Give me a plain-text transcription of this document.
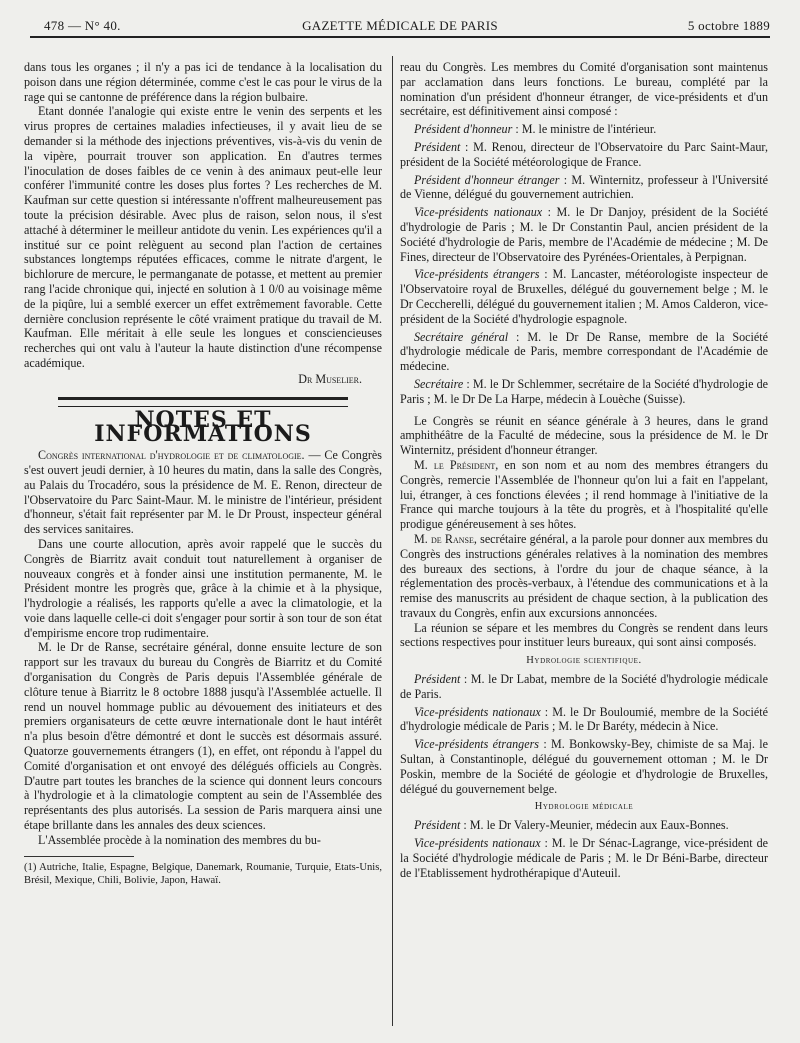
478 — N° 40.	GAZETTE MÉDICALE DE PARIS	5 octobre 1889

dans tous les organes ; il n'y a pas ici de tendance à la localisation du poison dans une région déterminée, comme c'est le cas pour le virus de la rage qui se cantonne de préférence dans la région bulbaire.

Etant donnée l'analogie qui existe entre le venin des serpents et les virus propres de certaines maladies infectieuses, il y avait lieu de se demander si la méthode des injections préventives, vis-à-vis du venin de la vipère, pourrait trouver son application. En d'autres termes l'inoculation de doses faibles de ce venin à des animaux peut-elle leur conférer l'immunité contre les doses plus fortes ? Les recherches de M. Kaufman sur cette question si intéressante n'offrent malheureusement pas toute la précision désirable. Avec plus de raison, selon nous, il s'est attaché à déterminer le meilleur antidote du venin. Les expériences qu'il a institué sur ce point relèguent au second plan l'action de certaines substances longtemps réputées efficaces, comme le nitrate d'argent, le bichlorure de mercure, le permanganate de potasse, et mettent au premier rang l'acide chronique qui, injecté en solution à 1 0/0 au voisinage même de la piqûre, lui a semblé exercer un effet extrêmement favorable. Cette dernière conclusion représente le côté vraiment pratique du travail de M. Kaufman. Elle méritait à elle seule les longues et consciencieuses recherches qui ont valu à l'auteur la haute distinction d'une récompense académique.

Dr Muselier.
NOTES ET INFORMATIONS

Congrès international d'hydrologie et de climatologie. — Ce Congrès s'est ouvert jeudi dernier, à 10 heures du matin, dans la salle des Congrès, au Palais du Trocadéro, sous la présidence de M. E. Renon, directeur de l'Observatoire du Parc Saint-Maur. M. le ministre de l'intérieur, président d'honneur, s'était fait représenter par M. le Dr Proust, inspecteur général des services sanitaires.

Dans une courte allocution, après avoir rappelé que le succès du Congrès de Biarritz avait conduit tout naturellement à organiser de nouveaux congrès et à fonder ainsi une institution permanente, M. le Président montre les progrès que, grâce à la chimie et à la physique, l'hydrologie a réalisés, les rapports qu'elle a avec la climatologie, et la voie dans laquelle celle-ci doit s'engager pour sortir à son tour de son état d'empirisme encore trop rudimentaire.

M. le Dr de Ranse, secrétaire général, donne ensuite lecture de son rapport sur les travaux du bureau du Congrès de Biarritz et du Comité d'organisation du Congrès de Paris depuis l'Assemblée générale de clôture tenue à Biarritz le 8 octobre 1888 jusqu'à l'Assemblée actuelle. Il rend un nouvel hommage public au dévouement des initiateurs et des premiers organisateurs de cette œuvre internationale dont le haut intérêt n'a plus besoin d'être démontré et dont le succès est désormais assuré. Quatorze gouvernements étrangers (1), en effet, ont répondu à l'appel du Comité d'organisation et ont envoyé des délégués officiels au Congrès. D'autre part toutes les branches de la science qui donnent leurs concours à l'hydrologie et à la climatologie comptent au sein de l'Assemblée des représentants des plus autorisés. La session de Paris marquera ainsi une étape brillante dans les annales des deux sciences.

L'Assemblée procède à la nomination des membres du bu-

(1) Autriche, Italie, Espagne, Belgique, Danemark, Roumanie, Turquie, Etats-Unis, Brésil, Mexique, Chili, Bolivie, Japon, Hawaï.

reau du Congrès. Les membres du Comité d'organisation sont maintenus par acclamation dans leurs fonctions. Le bureau, complété par la nomination d'un président d'honneur étranger, de vice-présidents et d'un secrétaire, est définitivement ainsi composé :

Président d'honneur : M. le ministre de l'intérieur.

Président : M. Renou, directeur de l'Observatoire du Parc Saint-Maur, président de la Société météorologique de France.

Président d'honneur étranger : M. Winternitz, professeur à l'Université de Vienne, délégué du gouvernement autrichien.

Vice-présidents nationaux : M. le Dr Danjoy, président de la Société d'hydrologie de Paris ; M. le Dr Constantin Paul, ancien président de la Société d'hydrologie de Paris, membre de l'Académie de médecine ; M. De Fines, directeur de l'Observatoire des Pyrénées-Orientales, à Perpignan.

Vice-présidents étrangers : M. Lancaster, météorologiste inspecteur de l'Observatoire royal de Bruxelles, délégué du gouvernement belge ; M. le Dr Ceccherelli, délégué du gouvernement italien ; M. Amos Calderon, vice-président de la Société d'hydrologie espagnole.

Secrétaire général : M. le Dr De Ranse, membre de la Société d'hydrologie médicale de Paris, membre correspondant de l'Académie de médecine.

Secrétaire : M. le Dr Schlemmer, secrétaire de la Société d'hydrologie de Paris ; M. le Dr De La Harpe, médecin à Louèche (Suisse).

Le Congrès se réunit en séance générale à 3 heures, dans le grand amphithéâtre de la Faculté de médecine, sous la présidence de M. le Dr Winternitz, président d'honneur étranger.

M. le Président, en son nom et au nom des membres étrangers du Congrès, remercie l'Assemblée de l'honneur qu'on lui a fait en l'appelant, lui, étranger, à ces fonctions élevées ; il rend hommage à l'initiative de la France qui marche toujours à la tête du progrès, et à l'hospitalité qu'elle prodigue généreusement à ses hôtes.

M. de Ranse, secrétaire général, a la parole pour donner aux membres du Congrès des instructions générales relatives à la nomination des membres des bureaux des sections, à l'ordre du jour de chaque séance, à la réglementation des procès-verbaux, à l'étendue des communications et à la remise des manuscrits au président de chaque section, à la publication des travaux du Congrès, enfin aux excursions annoncées.

La réunion se sépare et les membres du Congrès se rendent dans leurs sections respectives pour instituer leurs bureaux, qui sont ainsi composés.

Hydrologie scientifique.

Président : M. le Dr Labat, membre de la Société d'hydrologie médicale de Paris.

Vice-présidents nationaux : M. le Dr Bouloumié, membre de la Société d'hydrologie médicale de Paris ; M. le Dr Baréty, médecin à Nice.

Vice-présidents étrangers : M. Bonkowsky-Bey, chimiste de sa Maj. le Sultan, à Constantinople, délégué du gouvernement ottoman ; M. le Dr Poskin, membre de la Société de géologie et d'hydrologie de Bruxelles, délégué du gouvernement belge.

Hydrologie médicale

Président : M. le Dr Valery-Meunier, médecin aux Eaux-Bonnes.

Vice-présidents nationaux : M. le Dr Sénac-Lagrange, vice-président de la Société d'hydrologie médicale de Paris ; M. le Dr Béni-Barbe, directeur de l'Etablissement hydrothérapique d'Auteuil.
